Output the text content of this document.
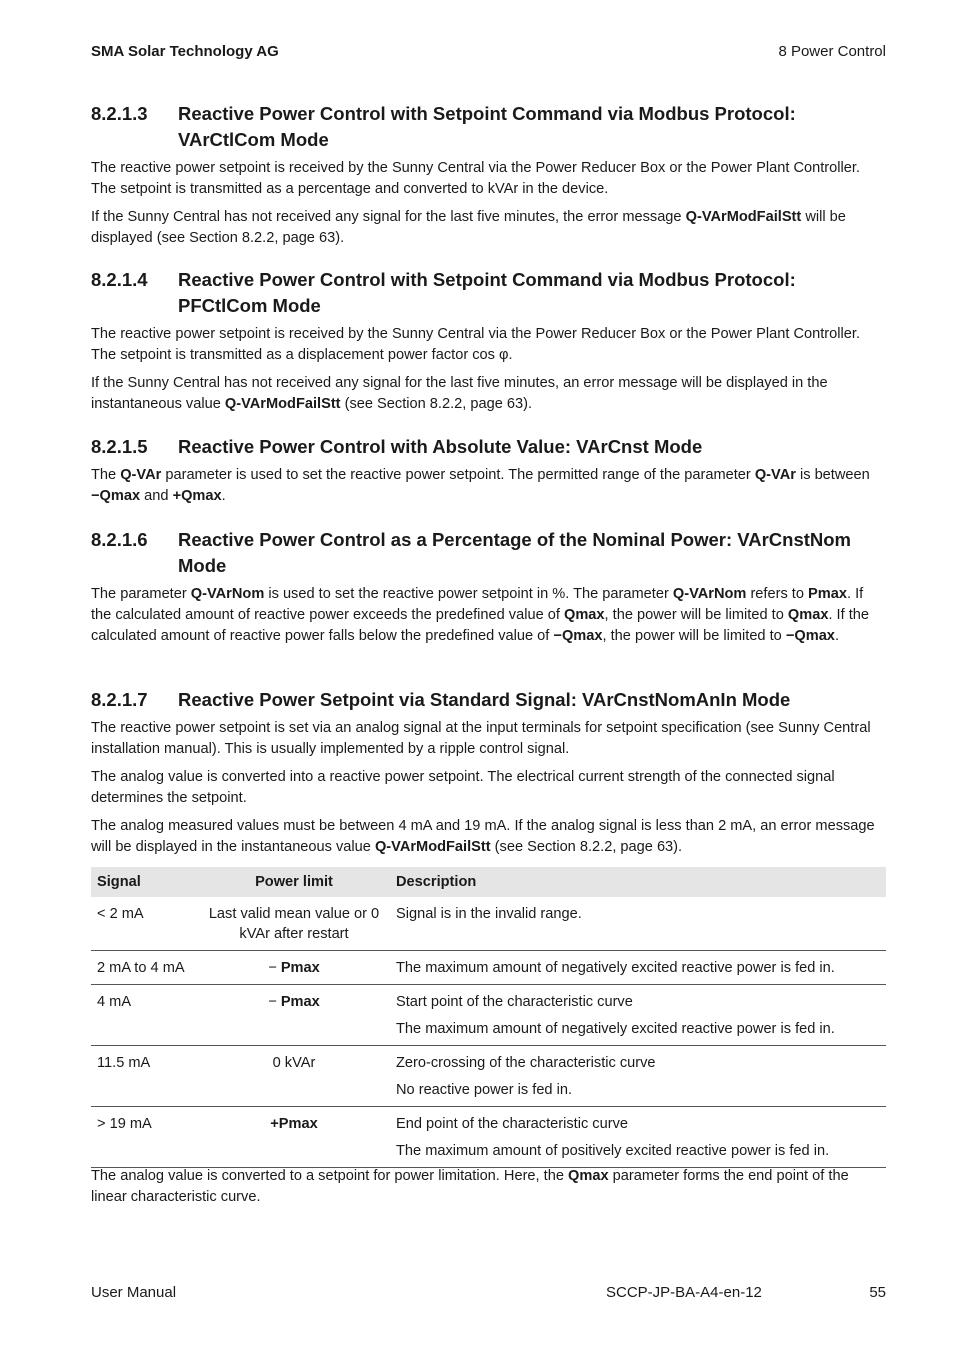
SMA Solar Technology AG	8 Power Control
8.2.1.3	Reactive Power Control with Setpoint Command via Modbus Protocol: VArCtlCom Mode

The reactive power setpoint is received by the Sunny Central via the Power Reducer Box or the Power Plant Controller. The setpoint is transmitted as a percentage and converted to kVAr in the device.

If the Sunny Central has not received any signal for the last five minutes, the error message Q-VArModFailStt will be displayed (see Section 8.2.2, page 63).

8.2.1.4	Reactive Power Control with Setpoint Command via Modbus Protocol: PFCtlCom Mode

The reactive power setpoint is received by the Sunny Central via the Power Reducer Box or the Power Plant Controller. The setpoint is transmitted as a displacement power factor cos φ.

If the Sunny Central has not received any signal for the last five minutes, an error message will be displayed in the instantaneous value Q-VArModFailStt (see Section 8.2.2, page 63).

8.2.1.5	Reactive Power Control with Absolute Value: VArCnst Mode

The Q-VAr parameter is used to set the reactive power setpoint. The permitted range of the parameter Q-VAr is between −Qmax and +Qmax.

8.2.1.6	Reactive Power Control as a Percentage of the Nominal Power: VArCnstNom Mode

The parameter Q-VArNom is used to set the reactive power setpoint in %. The parameter Q-VArNom refers to Pmax. If the calculated amount of reactive power exceeds the predefined value of Qmax, the power will be limited to Qmax. If the calculated amount of reactive power falls below the predefined value of −Qmax, the power will be limited to −Qmax.

8.2.1.7	Reactive Power Setpoint via Standard Signal: VArCnstNomAnIn Mode

The reactive power setpoint is set via an analog signal at the input terminals for setpoint specification (see Sunny Central installation manual). This is usually implemented by a ripple control signal.

The analog value is converted into a reactive power setpoint. The electrical current strength of the connected signal determines the setpoint.

The analog measured values must be between 4 mA and 19 mA. If the analog signal is less than 2 mA, an error message will be displayed in the instantaneous value Q-VArModFailStt (see Section 8.2.2, page 63).

Signal	Power limit	Description
< 2 mA	Last valid mean value or 0 kVAr after restart	Signal is in the invalid range.

2 mA to 4 mA	− Pmax	The maximum amount of negatively excited reactive power is fed in.

4 mA	− Pmax	Start point of the characteristic curve
The maximum amount of negatively excited reactive power is fed in.

11.5 mA	0 kVAr	Zero-crossing of the characteristic curve
No reactive power is fed in.

> 19 mA	+Pmax	End point of the characteristic curve
The maximum amount of positively excited reactive power is fed in.

The analog value is converted to a setpoint for power limitation. Here, the Qmax parameter forms the end point of the linear characteristic curve.

User Manual	SCCP-JP-BA-A4-en-12	55
